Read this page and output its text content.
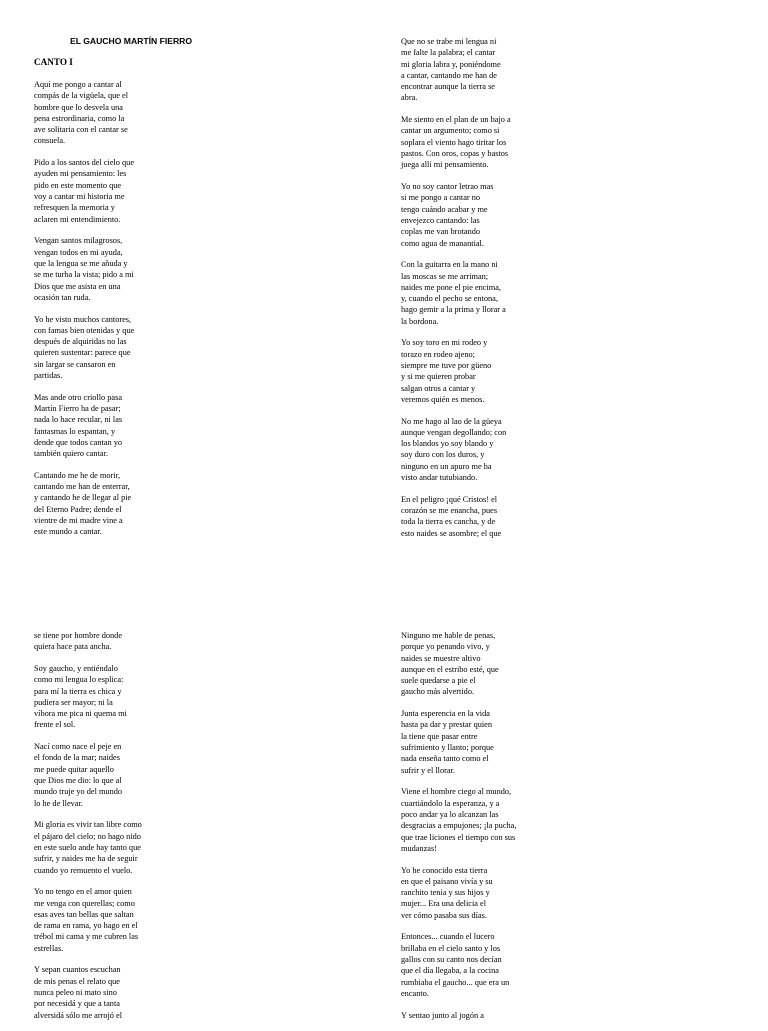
EL GAUCHO MARTÍN FIERRO
CANTO I
Aquí me pongo a cantar al
compás de la vigüela, que el
hombre que lo desvela una
pena estrordinaria, como la
ave solitaria con el cantar se
consuela.
Pido a los santos del cielo que
ayuden mi pensamiento: les
pido en este momento que
voy a cantar mi historia me
refresquen la memoria y
aclaren mi entendimiento.
Vengan santos milagrosos,
vengan todos en mi ayuda,
que la lengua se me añuda y
se me turba la vista; pido a mi
Dios que me asista en una
ocasión tan ruda.
Yo he visto muchos cantores,
con famas bien otenidas y que
después de alquiridas no las
quieren sustentar: parece que
sin largar se cansaron en
partidas.
Mas ande otro criollo pasa
Martín Fierro ha de pasar;
nada lo hace recular, ni las
fantasmas lo espantan, y
dende que todos cantan yo
también quiero cantar.
Cantando me he de morir,
cantando me han de enterrar,
y cantando he de llegar al pie
del Eterno Padre; dende el
vientre de mi madre vine a
este mundo a cantar.
Que no se trabe mi lengua ni
me falte la palabra; el cantar
mi gloria labra y, poniéndome
a cantar, cantando me han de
encontrar aunque la tierra se
abra.
Me siento en el plan de un bajo a
cantar un argumento; como si
soplara el viento hago tiritar los
pastos. Con oros, copas y bastos
juega allí mi pensamiento.
Yo no soy cantor letrao mas
si me pongo a cantar no
tengo cuándo acabar y me
envejezco cantando: las
coplas me van brotando
como agua de manantial.
Con la guitarra en la mano ni
las moscas se me arriman;
naides me pone el pie encima,
y, cuando el pecho se entona,
hago gemir a la prima y llorar a
la bordona.
Yo soy toro en mi rodeo y
torazo en rodeo ajeno;
siempre me tuve por güeno
y si me quieren probar
salgan otros a cantar y
veremos quién es menos.
No me hago al lao de la güeya
aunque vengan degollando; con
los blandos yo soy blando y
soy duro con los duros, y
ninguno en un apuro me ha
visto andar tutubiando.
En el peligro ¡qué Cristos! el
corazón se me enancha, pues
toda la tierra es cancha, y de
esto naides se asombre; el que
se tiene por hombre donde
quiera hace pata ancha.
Soy gaucho, y entiéndalo
como mi lengua lo esplica:
para mí la tierra es chica y
pudiera ser mayor; ni la
víbora me pica ni quema mi
frente el sol.
Nací como nace el peje en
el fondo de la mar; naides
me puede quitar aquello
que Dios me dio: lo que al
mundo truje yo del mundo
lo he de llevar.
Mi gloria es vivir tan libre como
el pájaro del cielo; no hago nido
en este suelo ande hay tanto que
sufrir, y naides me ha de seguir
cuando yo remuento el vuelo.
Yo no tengo en el amor quien
me venga con querellas; como
esas aves tan bellas que saltan
de rama en rama, yo hago en el
trébol mi cama y me cubren las
estrellas.
Y sepan cuantos escuchan
de mis penas el relato que
nunca peleo ni mato sino
por necesidá y que a tanta
alversidá sólo me arrojó el
Ninguno me hable de penas,
porque yo penando vivo, y
naides se muestre altivo
aunque en el estribo esté, que
suele quedarse a pie el
gaucho más alvertido.
Junta esperencia en la vida
hasta pa dar y prestar quien
la tiene que pasar entre
sufrimiento y llanto; porque
nada enseña tanto como el
sufrir y el llorar.
Viene el hombre ciego al mundo,
cuartiándolo la esperanza, y a
poco andar ya lo alcanzan las
desgracias a empujones; ¡la pucha,
que trae liciones el tiempo con sus
mudanzas!
Yo he conocido esta tierra
en que el paisano vivía y su
ranchito tenía y sus hijos y
mujer... Era una delicia el
ver cómo pasaba sus días.
Entonces... cuando el lucero
brillaba en el cielo santo y los
gallos con su canto nos decían
que el día llegaba, a la cocina
rumbiaba el gaucho... que era un
encanto.
Y sentao junto al jogón a
